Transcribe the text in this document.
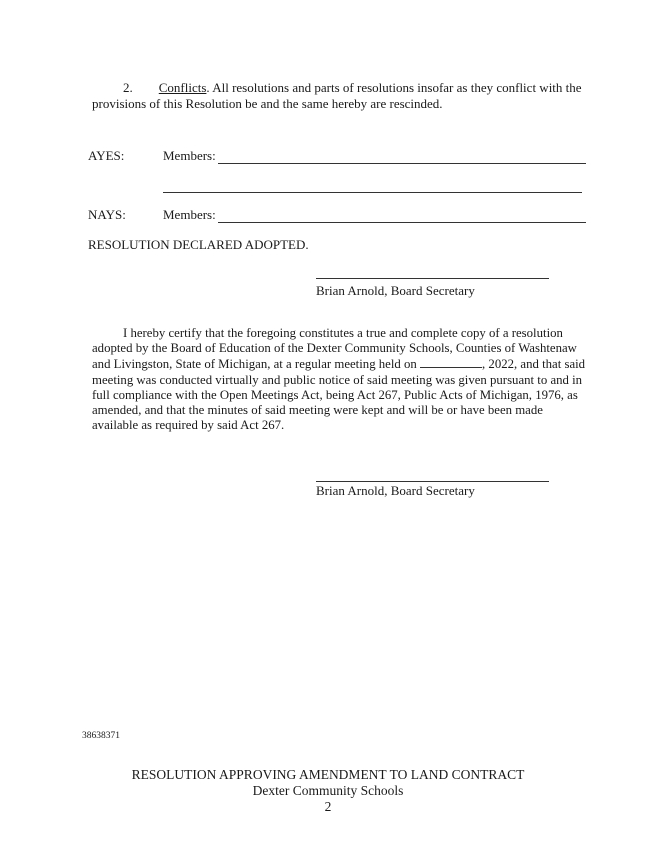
2. Conflicts. All resolutions and parts of resolutions insofar as they conflict with the
provisions of this Resolution be and the same hereby are rescinded.
AYES:	Members:
NAYS:	Members:
RESOLUTION DECLARED ADOPTED.
Brian Arnold, Board Secretary
I hereby certify that the foregoing constitutes a true and complete copy of a resolution
adopted by the Board of Education of the Dexter Community Schools, Counties of Washtenaw
and Livingston, State of Michigan, at a regular meeting held on	, 2022, and that said
meeting was conducted virtually and public notice of said meeting was given pursuant to and in
full compliance with the Open Meetings Act, being Act 267, Public Acts of Michigan, 1976, as
amended, and that the minutes of said meeting were kept and will be or have been made
available as required by said Act 267.
Brian Arnold, Board Secretary
38638371
RESOLUTION APPROVING AMENDMENT TO LAND CONTRACT
Dexter Community Schools
2
